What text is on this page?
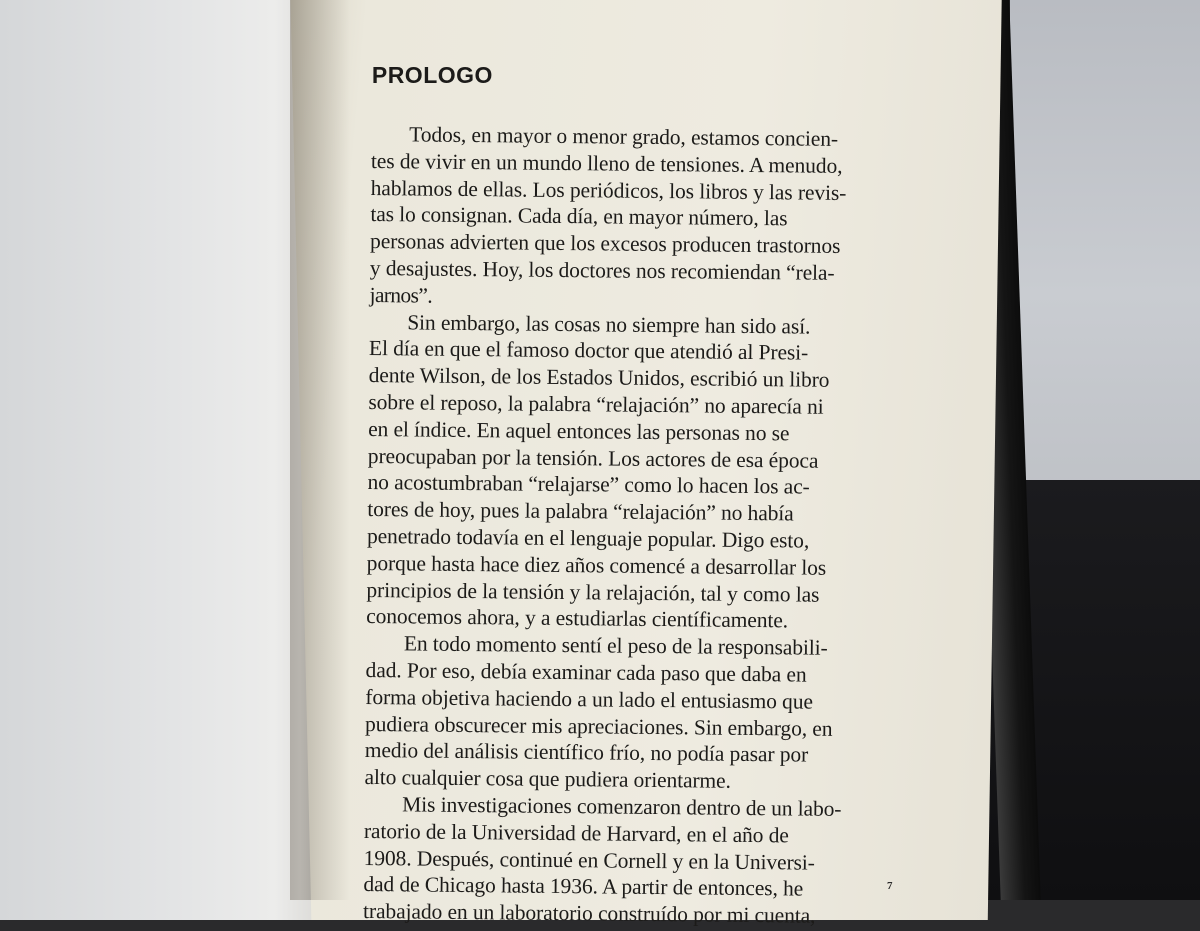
PROLOGO

Todos, en mayor o menor grado, estamos concien-
tes de vivir en un mundo lleno de tensiones. A menudo,
hablamos de ellas. Los periódicos, los libros y las revis-
tas lo consignan. Cada día, en mayor número, las
personas advierten que los excesos producen trastornos
y desajustes. Hoy, los doctores nos recomiendan “rela-
jarnos”.

Sin embargo, las cosas no siempre han sido así.
El día en que el famoso doctor que atendió al Presi-
dente Wilson, de los Estados Unidos, escribió un libro
sobre el reposo, la palabra “relajación” no aparecía ni
en el índice. En aquel entonces las personas no se
preocupaban por la tensión. Los actores de esa época
no acostumbraban “relajarse” como lo hacen los ac-
tores de hoy, pues la palabra “relajación” no había
penetrado todavía en el lenguaje popular. Digo esto,
porque hasta hace diez años comencé a desarrollar los
principios de la tensión y la relajación, tal y como las
conocemos ahora, y a estudiarlas científicamente.

En todo momento sentí el peso de la responsabili-
dad. Por eso, debía examinar cada paso que daba en
forma objetiva haciendo a un lado el entusiasmo que
pudiera obscurecer mis apreciaciones. Sin embargo, en
medio del análisis científico frío, no podía pasar por
alto cualquier cosa que pudiera orientarme.

Mis investigaciones comenzaron dentro de un labo-
ratorio de la Universidad de Harvard, en el año de
1908. Después, continué en Cornell y en la Universi-
dad de Chicago hasta 1936. A partir de entonces, he
trabajado en un laboratorio construído por mi cuenta,

7
